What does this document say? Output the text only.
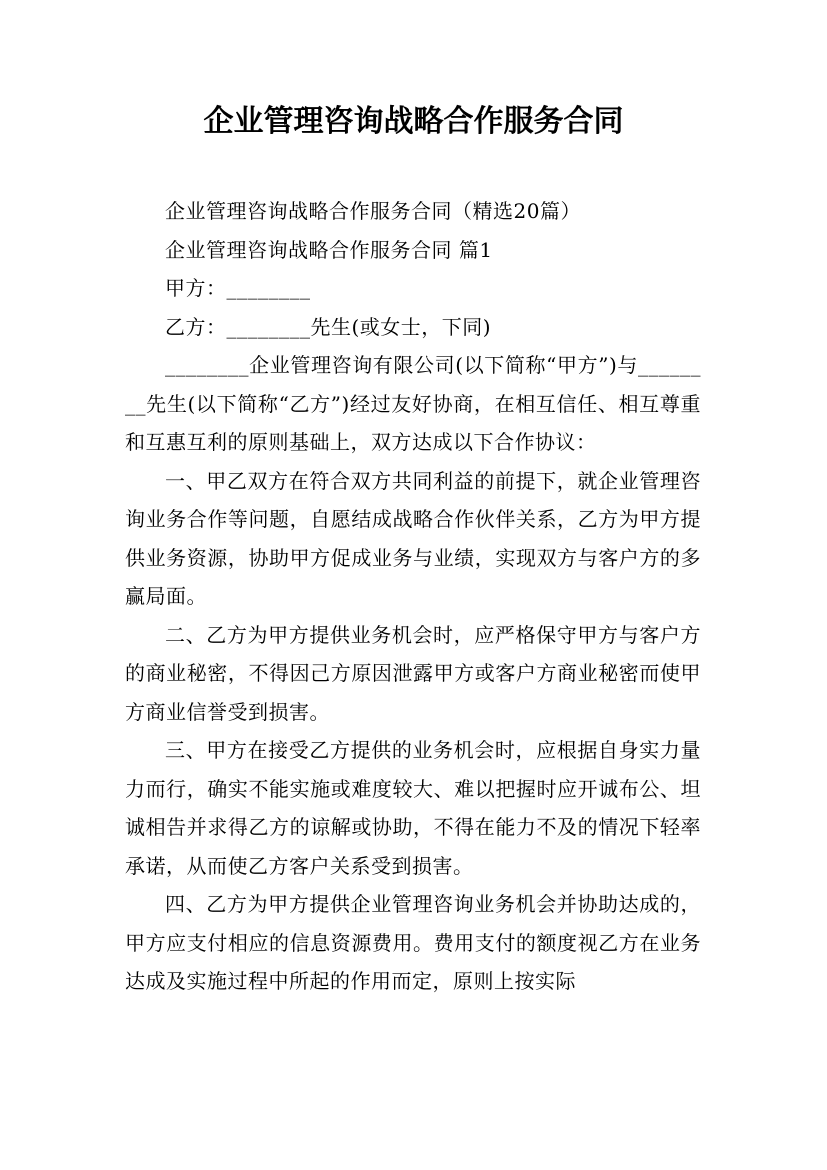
企业管理咨询战略合作服务合同

企业管理咨询战略合作服务合同（精选20篇）

企业管理咨询战略合作服务合同 篇1

甲方：________

乙方：________先生(或女士，下同)

________企业管理咨询有限公司(以下简称“甲方”)与________先生(以下简称“乙方”)经过友好协商，在相互信任、相互尊重和互惠互利的原则基础上，双方达成以下合作协议：

一、甲乙双方在符合双方共同利益的前提下，就企业管理咨询业务合作等问题，自愿结成战略合作伙伴关系，乙方为甲方提供业务资源，协助甲方促成业务与业绩，实现双方与客户方的多赢局面。

二、乙方为甲方提供业务机会时，应严格保守甲方与客户方的商业秘密，不得因己方原因泄露甲方或客户方商业秘密而使甲方商业信誉受到损害。

三、甲方在接受乙方提供的业务机会时，应根据自身实力量力而行，确实不能实施或难度较大、难以把握时应开诚布公、坦诚相告并求得乙方的谅解或协助，不得在能力不及的情况下轻率承诺，从而使乙方客户关系受到损害。

四、乙方为甲方提供企业管理咨询业务机会并协助达成的，甲方应支付相应的信息资源费用。费用支付的额度视乙方在业务达成及实施过程中所起的作用而定，原则上按实际
